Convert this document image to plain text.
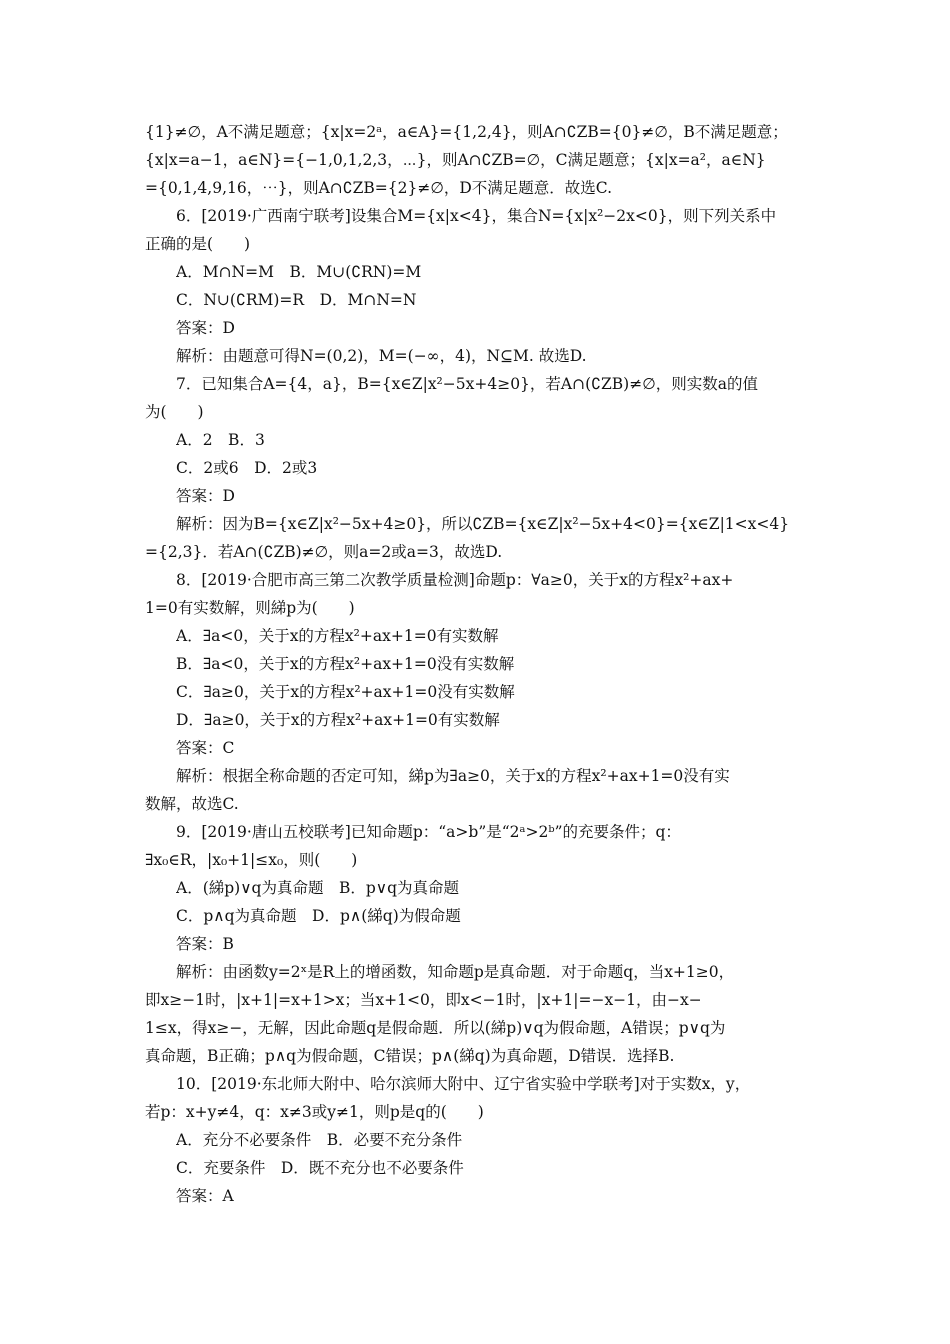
{1}≠∅，A不满足题意；{x|x=2ᵃ，a∈A}={1,2,4}，则A∩∁ZB={0}≠∅，B不满足题意；
{x|x=a−1，a∈N}={−1,0,1,2,3，⋯}，则A∩∁ZB=∅，C满足题意；{x|x=a²，a∈N}
={0,1,4,9,16，⋯}，则A∩∁ZB={2}≠∅，D不满足题意．故选C.
6．[2019·广西南宁联考]设集合M={x|x<4}，集合N={x|x²−2x<0}，则下列关系中
正确的是(　　)
A．M∩N=M　B．M∪(∁RN)=M
C．N∪(∁RM)=R　D．M∩N=N
答案：D
解析：由题意可得N=(0,2)，M=(−∞，4)，N⊆M. 故选D.
7．已知集合A={4，a}，B={x∈Z|x²−5x+4≥0}，若A∩(∁ZB)≠∅，则实数a的值
为(　　)
A．2　B．3
C．2或6　D．2或3
答案：D
解析：因为B={x∈Z|x²−5x+4≥0}，所以∁ZB={x∈Z|x²−5x+4<0}={x∈Z|1<x<4}
={2,3}．若A∩(∁ZB)≠∅，则a=2或a=3，故选D.
8．[2019·合肥市高三第二次教学质量检测]命题p：∀a≥0，关于x的方程x²+ax+
1=0有实数解，则綈p为(　　)
A．∃a<0，关于x的方程x²+ax+1=0有实数解
B．∃a<0，关于x的方程x²+ax+1=0没有实数解
C．∃a≥0，关于x的方程x²+ax+1=0没有实数解
D．∃a≥0，关于x的方程x²+ax+1=0有实数解
答案：C
解析：根据全称命题的否定可知，綈p为∃a≥0，关于x的方程x²+ax+1=0没有实
数解，故选C.
9．[2019·唐山五校联考]已知命题p：“a>b”是“2ᵃ>2ᵇ”的充要条件；q：
∃x₀∈R，|x₀+1|≤x₀，则(　　)
A．(綈p)∨q为真命题　B．p∨q为真命题
C．p∧q为真命题　D．p∧(綈q)为假命题
答案：B
解析：由函数y=2ˣ是R上的增函数，知命题p是真命题．对于命题q，当x+1≥0，
即x≥−1时，|x+1|=x+1>x；当x+1<0，即x<−1时，|x+1|=−x−1，由−x−
1≤x，得x≥−，无解，因此命题q是假命题．所以(綈p)∨q为假命题，A错误；p∨q为
真命题，B正确；p∧q为假命题，C错误；p∧(綈q)为真命题，D错误．选择B.
10．[2019·东北师大附中、哈尔滨师大附中、辽宁省实验中学联考]对于实数x，y，
若p：x+y≠4，q：x≠3或y≠1，则p是q的(　　)
A．充分不必要条件　B．必要不充分条件
C．充要条件　D．既不充分也不必要条件
答案：A
